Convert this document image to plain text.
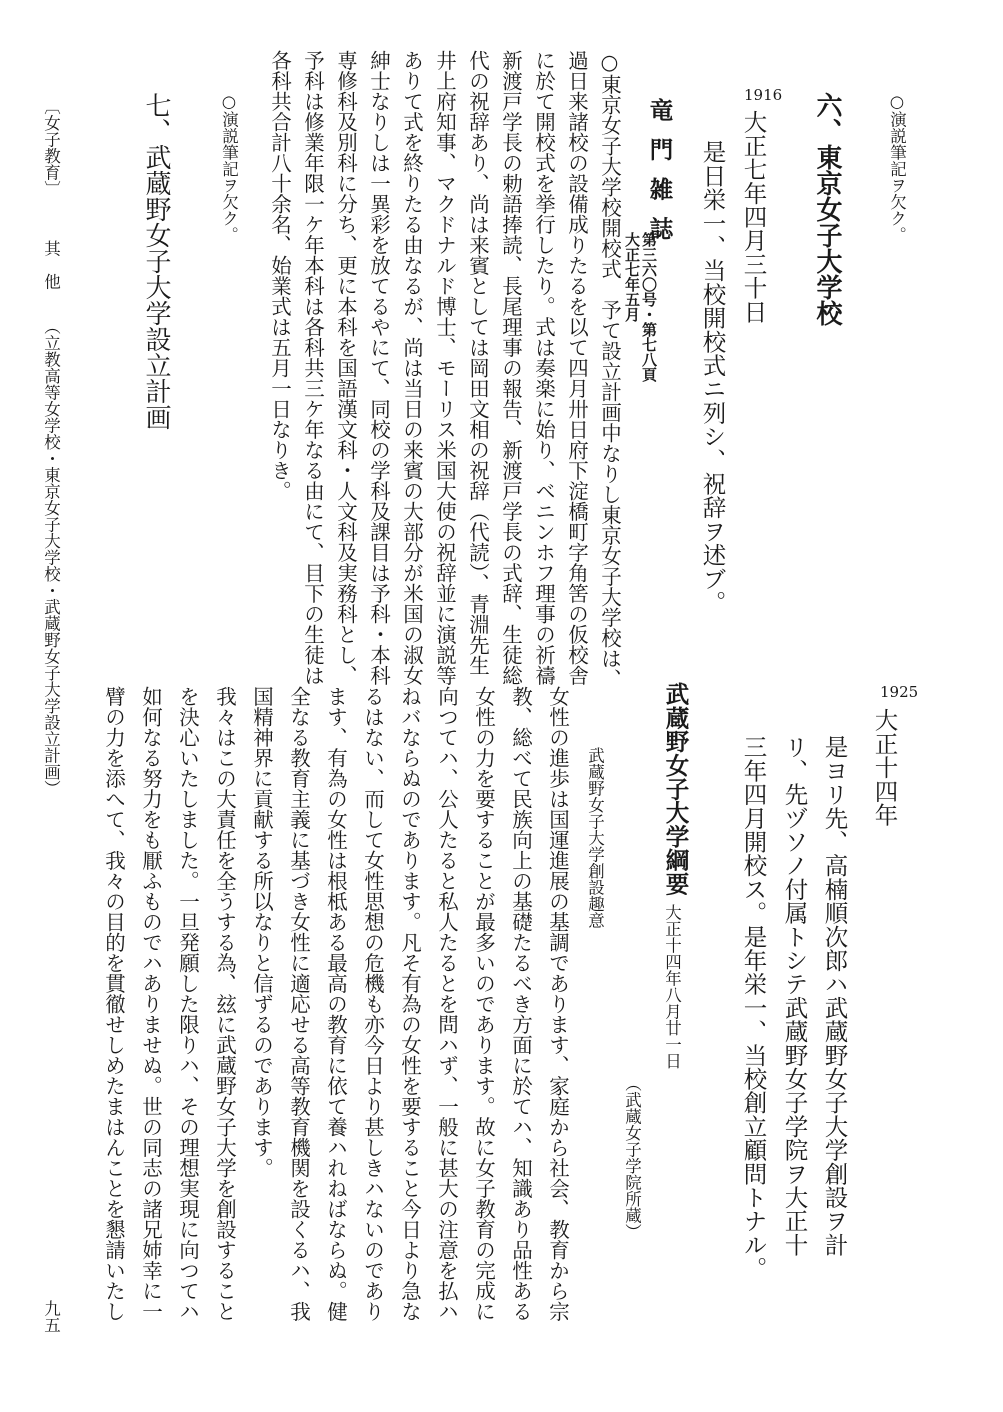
○演説筆記ヲ欠ク。
六、東京女子大学校
1916
大正七年四月三十日
是日栄一、当校開校式ニ列シ、祝辞ヲ述ブ。
竜門雑誌
第三六〇号・第七八頁
大正七年五月
○東京女子大学校開校式　予て設立計画中なりし東京女子大学校は、
過日来諸校の設備成りたるを以て四月卅日府下淀橋町字角筈の仮校舎
に於て開校式を挙行したり。式は奏楽に始り、ベニンホフ理事の祈禱
新渡戸学長の勅語捧読、長尾理事の報告、新渡戸学長の式辞、生徒総
代の祝辞あり、尚は来賓としては岡田文相の祝辞（代読）、青淵先生
井上府知事、マクドナルド博士、モーリス米国大使の祝辞並に演説等
ありて式を終りたる由なるが、尚は当日の来賓の大部分が米国の淑女
紳士なりしは一異彩を放てるやにて、同校の学科及課目は予科・本科
専修科及別科に分ち、更に本科を国語漢文科・人文科及実務科とし、
予科は修業年限一ケ年本科は各科共三ケ年なる由にて、目下の生徒は
各科共合計八十余名、始業式は五月一日なりき。
○演説筆記ヲ欠ク。
七、武蔵野女子大学設立計画
1925
大正十四年
是ヨリ先、高楠順次郎ハ武蔵野女子大学創設ヲ計
リ、先ヅソノ付属トシテ武蔵野女子学院ヲ大正十
三年四月開校ス。是年栄一、当校創立顧問トナル。
武蔵野女子大学綱要
大正十四年八月廿一日
（武蔵女子学院所蔵）
武蔵野女子大学創設趣意
女性の進歩は国運進展の基調であります、家庭から社会、教育から宗
教、総べて民族向上の基礎たるべき方面に於てハ、知識あり品性ある
女性の力を要することが最多いのであります。故に女子教育の完成に
向つてハ、公人たると私人たるとを問ハず、一般に甚大の注意を払ハ
ねバならぬのであります。凡そ有為の女性を要すること今日より急な
るはない、而して女性思想の危機も亦今日より甚しきハないのであり
ます、有為の女性は根柢ある最高の教育に依て養ハれねばならぬ。健
全なる教育主義に基づき女性に適応せる高等教育機関を設くるハ、我
国精神界に貢献する所以なりと信ずるのであります。
我々はこの大責任を全うする為、玆に武蔵野女子大学を創設すること
を決心いたしました。一旦発願した限りハ、その理想実現に向つてハ
如何なる努力をも厭ふものでハありませぬ。世の同志の諸兄姉幸に一
臂の力を添へて、我々の目的を貫徹せしめたまはんことを懇請いたし
〔女子教育〕
其　他
（立教高等女学校・東京女子大学校・武蔵野女子大学設立計画）
九五
